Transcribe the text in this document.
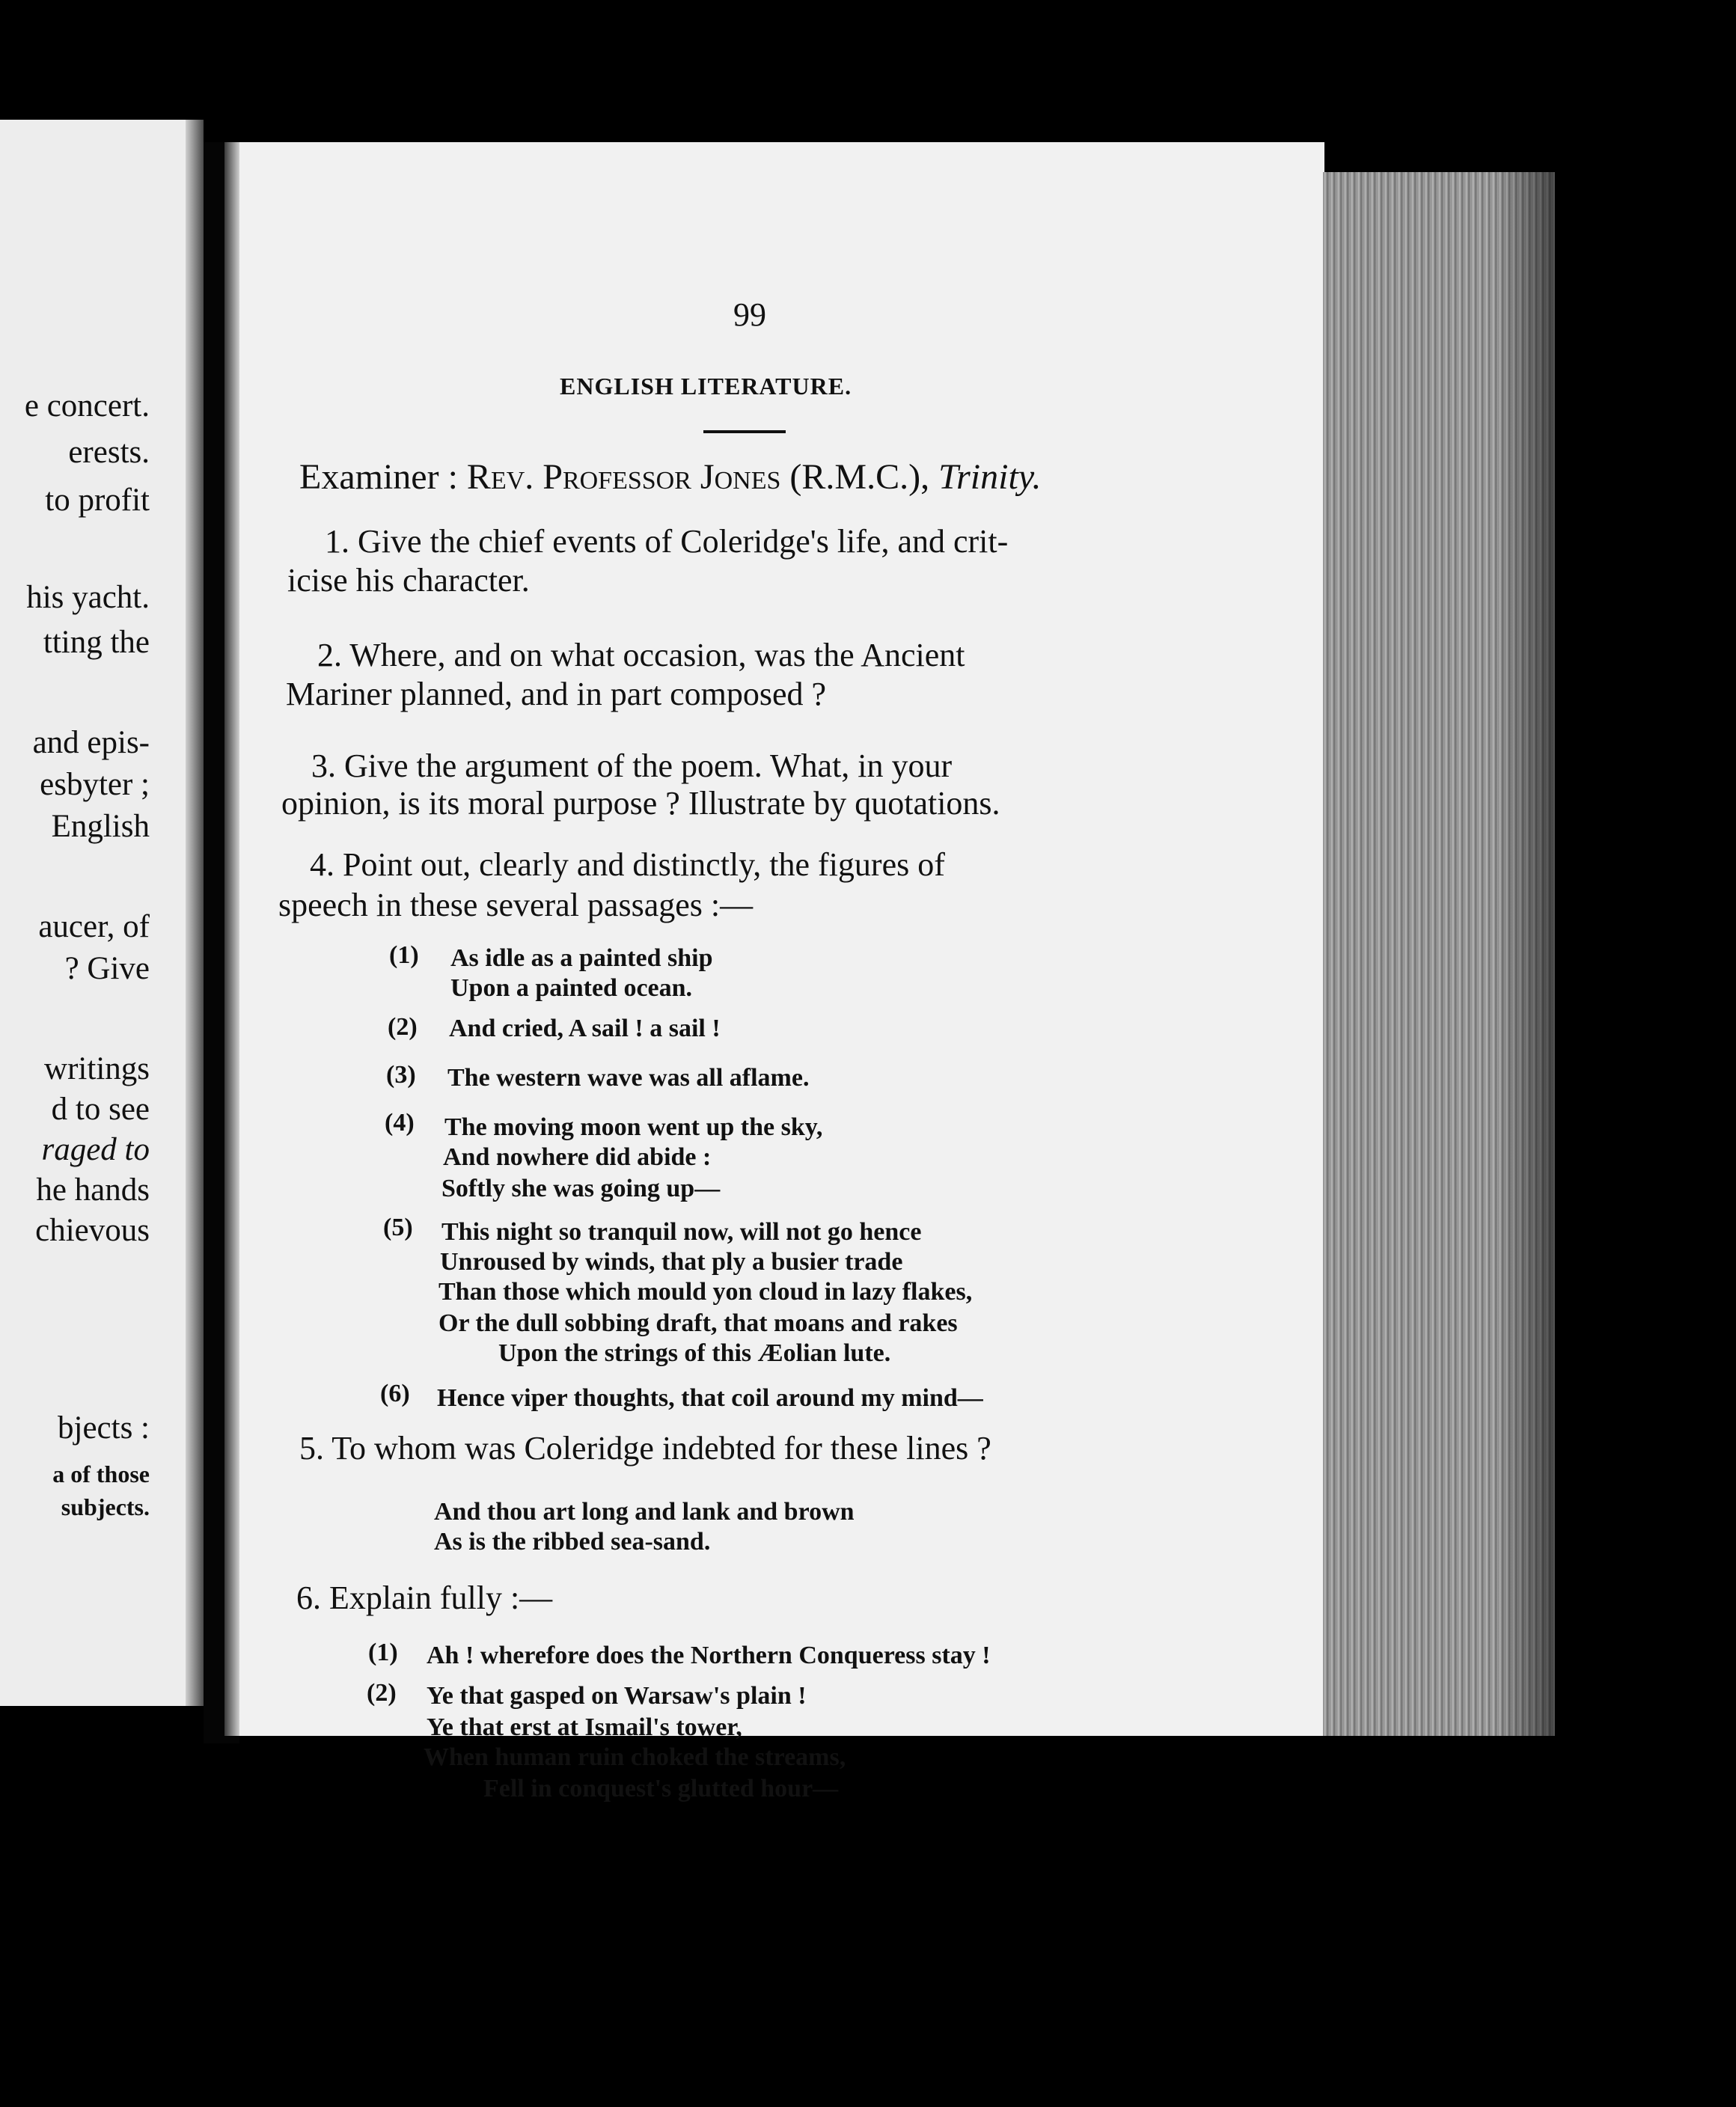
e concert.
erests.
to profit
his yacht.
tting the
and epis-
esbyter ;
English
aucer, of
? Give
writings
d to see
raged to
he hands
chievous
bjects :
a of those
subjects.
99
ENGLISH LITERATURE.
Examiner : Rev. Professor Jones (R.M.C.), Trinity.
1. Give the chief events of Coleridge's life, and crit-
icise his character.
2. Where, and on what occasion, was the Ancient
Mariner planned, and in part composed ?
3. Give the argument of the poem. What, in your
opinion, is its moral purpose ? Illustrate by quotations.
4. Point out, clearly and distinctly, the figures of
speech in these several passages :—
(1) As idle as a painted ship
Upon a painted ocean.
(2) And cried, A sail ! a sail !
(3) The western wave was all aflame.
(4) The moving moon went up the sky,
And nowhere did abide :
Softly she was going up—
(5) This night so tranquil now, will not go hence
Unroused by winds, that ply a busier trade
Than those which mould yon cloud in lazy flakes,
Or the dull sobbing draft, that moans and rakes
Upon the strings of this Æolian lute.
(6) Hence viper thoughts, that coil around my mind—
5. To whom was Coleridge indebted for these lines ?
And thou art long and lank and brown
As is the ribbed sea-sand.
6. Explain fully :—
(1) Ah ! wherefore does the Northern Conqueress stay !
(2) Ye that gasped on Warsaw's plain !
Ye that erst at Ismail's tower,
When human ruin choked the streams,
Fell in conquest's glutted hour—
